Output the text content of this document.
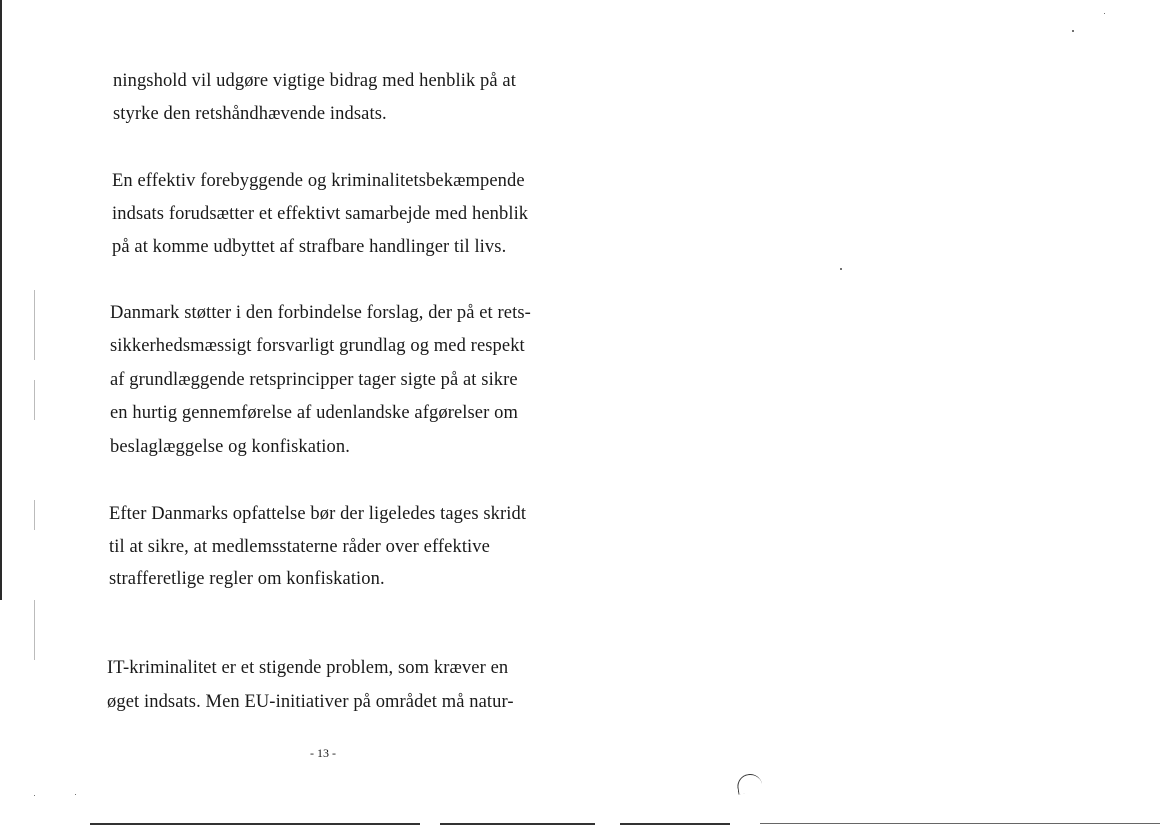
ningshold vil udgøre vigtige bidrag med henblik på at

styrke den retshåndhævende indsats.

En effektiv forebyggende og kriminalitetsbekæmpende

indsats forudsætter et effektivt samarbejde med henblik

på at komme udbyttet af strafbare handlinger til livs.

Danmark støtter i den forbindelse forslag, der på et rets-

sikkerhedsmæssigt forsvarligt grundlag og med respekt

af grundlæggende retsprincipper tager sigte på at sikre

en hurtig gennemførelse af udenlandske afgørelser om

beslaglæggelse og konfiskation.

Efter Danmarks opfattelse bør der ligeledes tages skridt

til at sikre, at medlemsstaterne råder over effektive

strafferetlige regler om konfiskation.

IT-kriminalitet er et stigende problem, som kræver en

øget indsats. Men EU-initiativer på området må natur-

- 13 -
